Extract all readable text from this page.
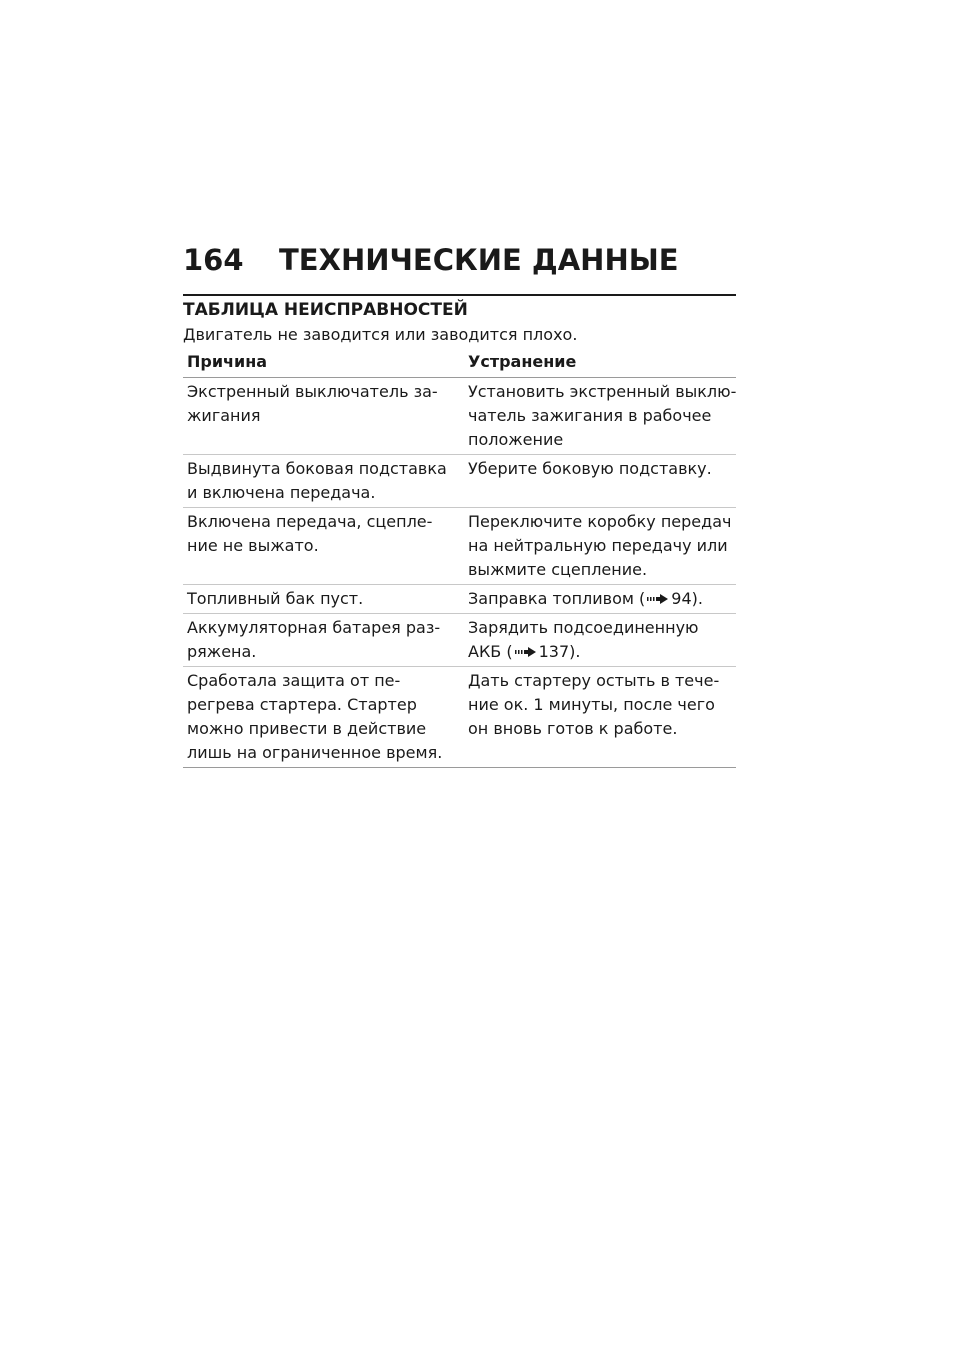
164 ТЕХНИЧЕСКИЕ ДАННЫЕ
ТАБЛИЦА НЕИСПРАВНОСТЕЙ
Двигатель не заводится или заводится плохо.
Причина	Устранение

Экстренный выключатель за-
жигания	Установить экстренный выклю-
чатель зажигания в рабочее
положение

Выдвинута боковая подставка
и включена передача.	Уберите боковую подставку.

Включена передача, сцепле-
ние не выжато.	Переключите коробку передач
на нейтральную передачу или
выжмите сцепление.

Топливный бак пуст.	Заправка топливом ( 94).

Аккумуляторная батарея раз-
ряжена.	Зарядить подсоединенную
АКБ ( 137).

Сработала защита от пе-
регрева стартера. Стартер
можно привести в действие
лишь на ограниченное время.	Дать стартеру остыть в тече-
ние ок. 1 минуты, после чего
он вновь готов к работе.
